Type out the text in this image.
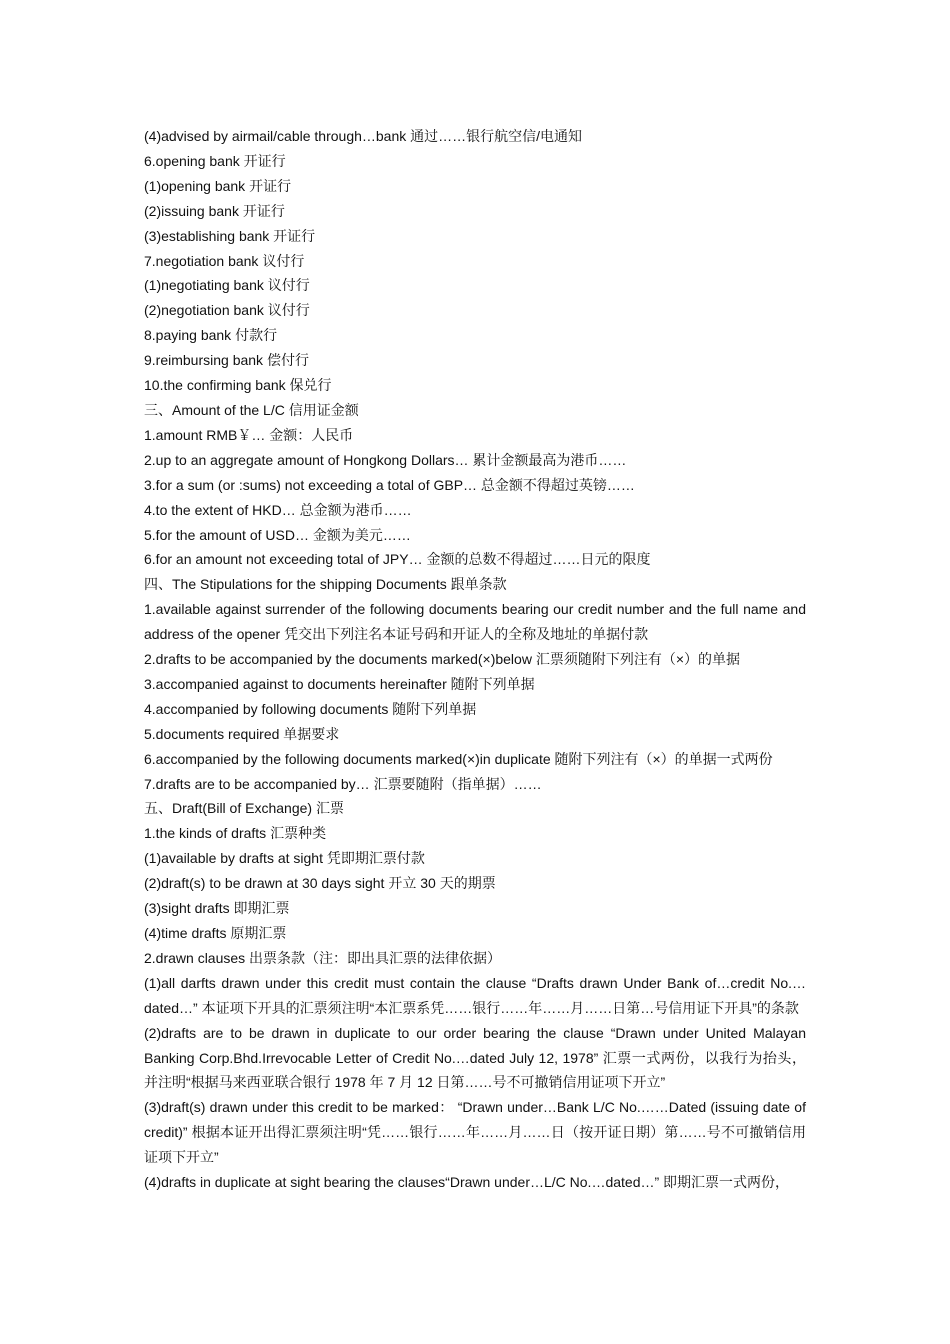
(4)advised by airmail/cable through…bank 通过……银行航空信/电通知

6.opening bank 开证行

(1)opening bank 开证行

(2)issuing bank 开证行

(3)establishing bank 开证行

7.negotiation bank 议付行

(1)negotiating bank 议付行

(2)negotiation bank 议付行

8.paying bank 付款行

9.reimbursing bank 偿付行

10.the confirming bank 保兑行

三、Amount of the L/C 信用证金额

1.amount RMB￥… 金额：人民币

2.up to an aggregate amount of Hongkong Dollars… 累计金额最高为港币……

3.for a sum (or :sums) not exceeding a total of GBP… 总金额不得超过英镑……

4.to the extent of HKD… 总金额为港币……

5.for the amount of USD… 金额为美元……

6.for an amount not exceeding total of JPY… 金额的总数不得超过……日元的限度

四、The Stipulations for the shipping Documents 跟单条款

1.available against surrender of the following documents bearing our credit number and the full name and address of the opener 凭交出下列注名本证号码和开证人的全称及地址的单据付款

2.drafts to be accompanied by the documents marked(×)below 汇票须随附下列注有（×）的单据

3.accompanied against to documents hereinafter 随附下列单据

4.accompanied by following documents 随附下列单据

5.documents required 单据要求

6.accompanied by the following documents marked(×)in duplicate 随附下列注有（×）的单据一式两份

7.drafts are to be accompanied by… 汇票要随附（指单据）……

五、Draft(Bill of Exchange) 汇票

1.the kinds of drafts 汇票种类

(1)available by drafts at sight 凭即期汇票付款

(2)draft(s) to be drawn at 30 days sight 开立 30 天的期票

(3)sight drafts 即期汇票

(4)time drafts 原期汇票

2.drawn clauses 出票条款（注：即出具汇票的法律依据）

(1)all darfts drawn under this credit must contain the clause “Drafts drawn Under Bank of…credit No.…dated…” 本证项下开具的汇票须注明“本汇票系凭……银行……年……月……日第…号信用证下开具”的条款

(2)drafts are to be drawn in duplicate to our order bearing the clause “Drawn under United Malayan Banking Corp.Bhd.Irrevocable Letter of Credit No.…dated July 12, 1978” 汇票一式两份，以我行为抬头，并注明“根据马来西亚联合银行 1978 年 7 月 12 日第……号不可撤销信用证项下开立”

(3)draft(s) drawn under this credit to be marked： “Drawn under…Bank L/C No.……Dated (issuing date of credit)” 根据本证开出得汇票须注明“凭……银行……年……月……日（按开证日期）第……号不可撤销信用证项下开立”

(4)drafts in duplicate at sight bearing the clauses“Drawn under…L/C No.…dated…” 即期汇票一式两份，
